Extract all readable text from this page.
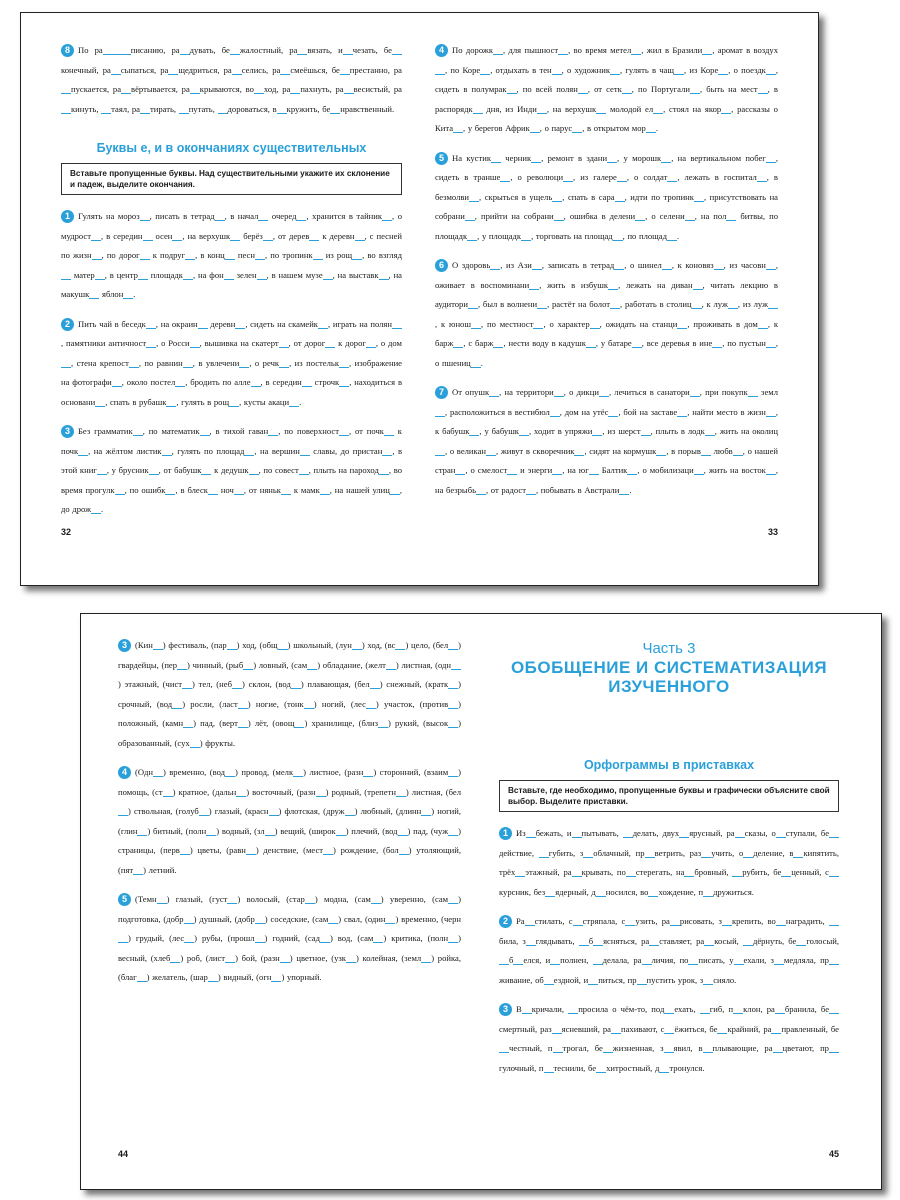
8 По ра	писанию, ра дувать, бе жалостный, ра вязать, и чезать, беконечный, ра сыпаться, ра щедриться, ра селись, ра смеёшься, бе престанно, рапускается, ра вёртывается, ра крываются, во ход, ра пахнуть, ра весистый, ракинуть, таял, ра тирать, путать, дороваться, в кружить, бе нравственный.
Буквы е, и в окончаниях существительных
Вставьте пропущенные буквы. Над существительными укажите их склонение и падеж, выделите окончания.
1 Гулять на мороз , писать в тетрад , в начал очеред , хранится в тайник , о мудрост , в середин осен , на верхушк берёз , от дерев к деревн , с песней по жизн , по дорог к подруг , в конц песн , по тропинк из рощ , во взгляд матер , в центр площадк , на фон зелен , в нашем музе , на выставк , на макушк яблон .
2 Пить чай в беседк , на окраин деревн , сидеть на скамейк , играть на полян, памятники античност , о Росси , вышивка на скатерт , от дорог к дорог , о дом, стена крепост , по равнин , в увлечени , о речк , из постельк , изображение на фотографи , около постел , бродить по алле , в середин строчк , находиться в основани , спать в рубашк , гулять в рощ , кусты акаци .
3 Без грамматик , по математик , в тихой гаван , по поверхност , от почк к почк , на жёлтом листик , гулять по площад , на вершин славы, до пристан , в этой книг , у брусник , от бабушк к дедушк , по совест , плыть на пароход , во время прогулк , по ошибк , в блеск ноч , от няньк к мамк , на нашей улиц , до дрож .
32
4 По дорожк , для пышност , во время метел , жил в Бразили , аромат в воздух, по Коре , отдыхать в тен , о художник , гулять в чащ , из Коре , о поездк , сидеть в полумрак , по всей полян , от сетк , по Португали , быть на мест , в распорядк дня, из Инди , на верхушк молодой ел , стоял на якор , рассказы о Кита , у берегов Африк , о парус , в открытом мор .
5 На кустик черник , ремонт в здани , у морошк , на вертикальном побег , сидеть в транше , о революци , из галере , о солдат , лежать в госпитал , в безмолви , скрыться в ущель , спать в сара , идти по тропинк , присутствовать на собрани , прийти на собрани , ошибка в делени , о селени , на пол битвы, по площадк , у площадк , торговать на площад , по площад .
6 О здоровь , из Ази , записать в тетрад , о шинел , к коновяз , из часовн , оживает в воспоминани , жить в избушк , лежать на диван , читать лекцию в аудитори , был в волнени , растёт на болот , работать в столиц , к луж , из луж, к юнош , по местност , о характер , ожидать на станци , проживать в дом , к барж , с барж , нести воду в кадушк , у батаре , все деревья в ине , по пустын , о пшениц .
7 От опушк , на территори , о дикци , лечиться в санатори , при покупк земл, расположиться в вестибюл , дом на утёс , бой на заставе , найти место в жизн , к бабушк , у бабушк , ходит в упряжи , из шерст , плыть в лодк , жить на околиц, о великан , живут в скворечник , сидят на кормушк , в порыв любв , о нашей стран , о смелост и энерги , на юг Балтик , о мобилизаци , жить на восток , на безрыбь , от радост , побывать в Австрали .
33
3 (Кин ) фестиваль, (пар ) ход, (общ ) школьный, (лун ) ход, (вс ) цело, (бел ) гвардейцы, (пер ) чинный, (рыб ) ловный, (сам ) обладание, (желт ) листная, (одн) этажный, (чист ) тел, (неб ) склон, (вод ) плавающая, (бел ) снежный, (кратк ) срочный, (вод ) росли, (ласт ) ногие, (тонк ) ногий, (лес ) участок, (против ) положный, (камн ) пад, (верт ) лёт, (овощ ) хранилище, (близ ) рукий, (высок ) образованный, (сух ) фрукты.
4 (Одн ) временно, (вод ) провод, (мелк ) листное, (разн ) сторонний, (взаим ) помощь, (ст ) кратное, (дальн ) восточный, (разн ) родный, (трепетн ) листная, (бел) ствольная, (голуб ) глазый, (красн ) флотская, (друж ) любный, (длинн ) ногий, (глин ) битный, (полн ) водный, (зл ) вещий, (широк ) плечий, (вод ) пад, (чуж ) страницы, (перв ) цветы, (равн ) денствие, (мест ) рождение, (бол ) утоляющий, (пят ) летний.
5 (Темн ) глазый, (густ ) волосый, (стар ) модна, (сам ) уверенно, (сам ) подготовка, (добр ) душный, (добр ) соседские, (сам ) свал, (один ) временно, (черн) грудый, (лес ) рубы, (прошл ) годний, (сад ) вод, (сам ) критика, (полн ) весный, (хлеб ) роб, (лист ) бой, (разн ) цветное, (узк ) колейная, (земл ) ройка, (благ ) желатель, (шар ) видный, (огн ) упорный.
44
Часть 3
ОБОБЩЕНИЕ И СИСТЕМАТИЗАЦИЯ
ИЗУЧЕННОГО
Орфограммы в приставках
Вставьте, где необходимо, пропущенные буквы и графически объясните свой выбор. Выделите приставки.
1 Из бежать, и пытывать, делать, двух ярусный, ра сказы, о ступали, бедействие, губить, з облачный, пр ветрить, раз учить, о деление, в кипятить, трёх этажный, ра крывать, по стерегать, на бровный, рубить, бе ценный, скурсник, без ядерный, д носился, во хождение, п дружиться.
2 Ра стилать, с стряпала, с узить, ра рисовать, з крепить, во наградить, била, з глядывать, б ясняться, ра ставляет, ра косый, дёрнуть, бе голосый, б елся, и полнен, делала, ра личия, по писать, у ехали, з медляла, прживание, об ездной, и питься, пр пустить урок, з сияло.
3 В кричали, просила о чём-то, под ехать, гиб, п клон, ра бранила, бесмертный, раз ясневший, ра пахивают, с ёжиться, бе крайний, ра правленный, бечестный, п трогал, бе жизненная, з явил, в плывающие, ра цветают, пргулочный, п теснили, бе хитростный, д тронулся.
45
